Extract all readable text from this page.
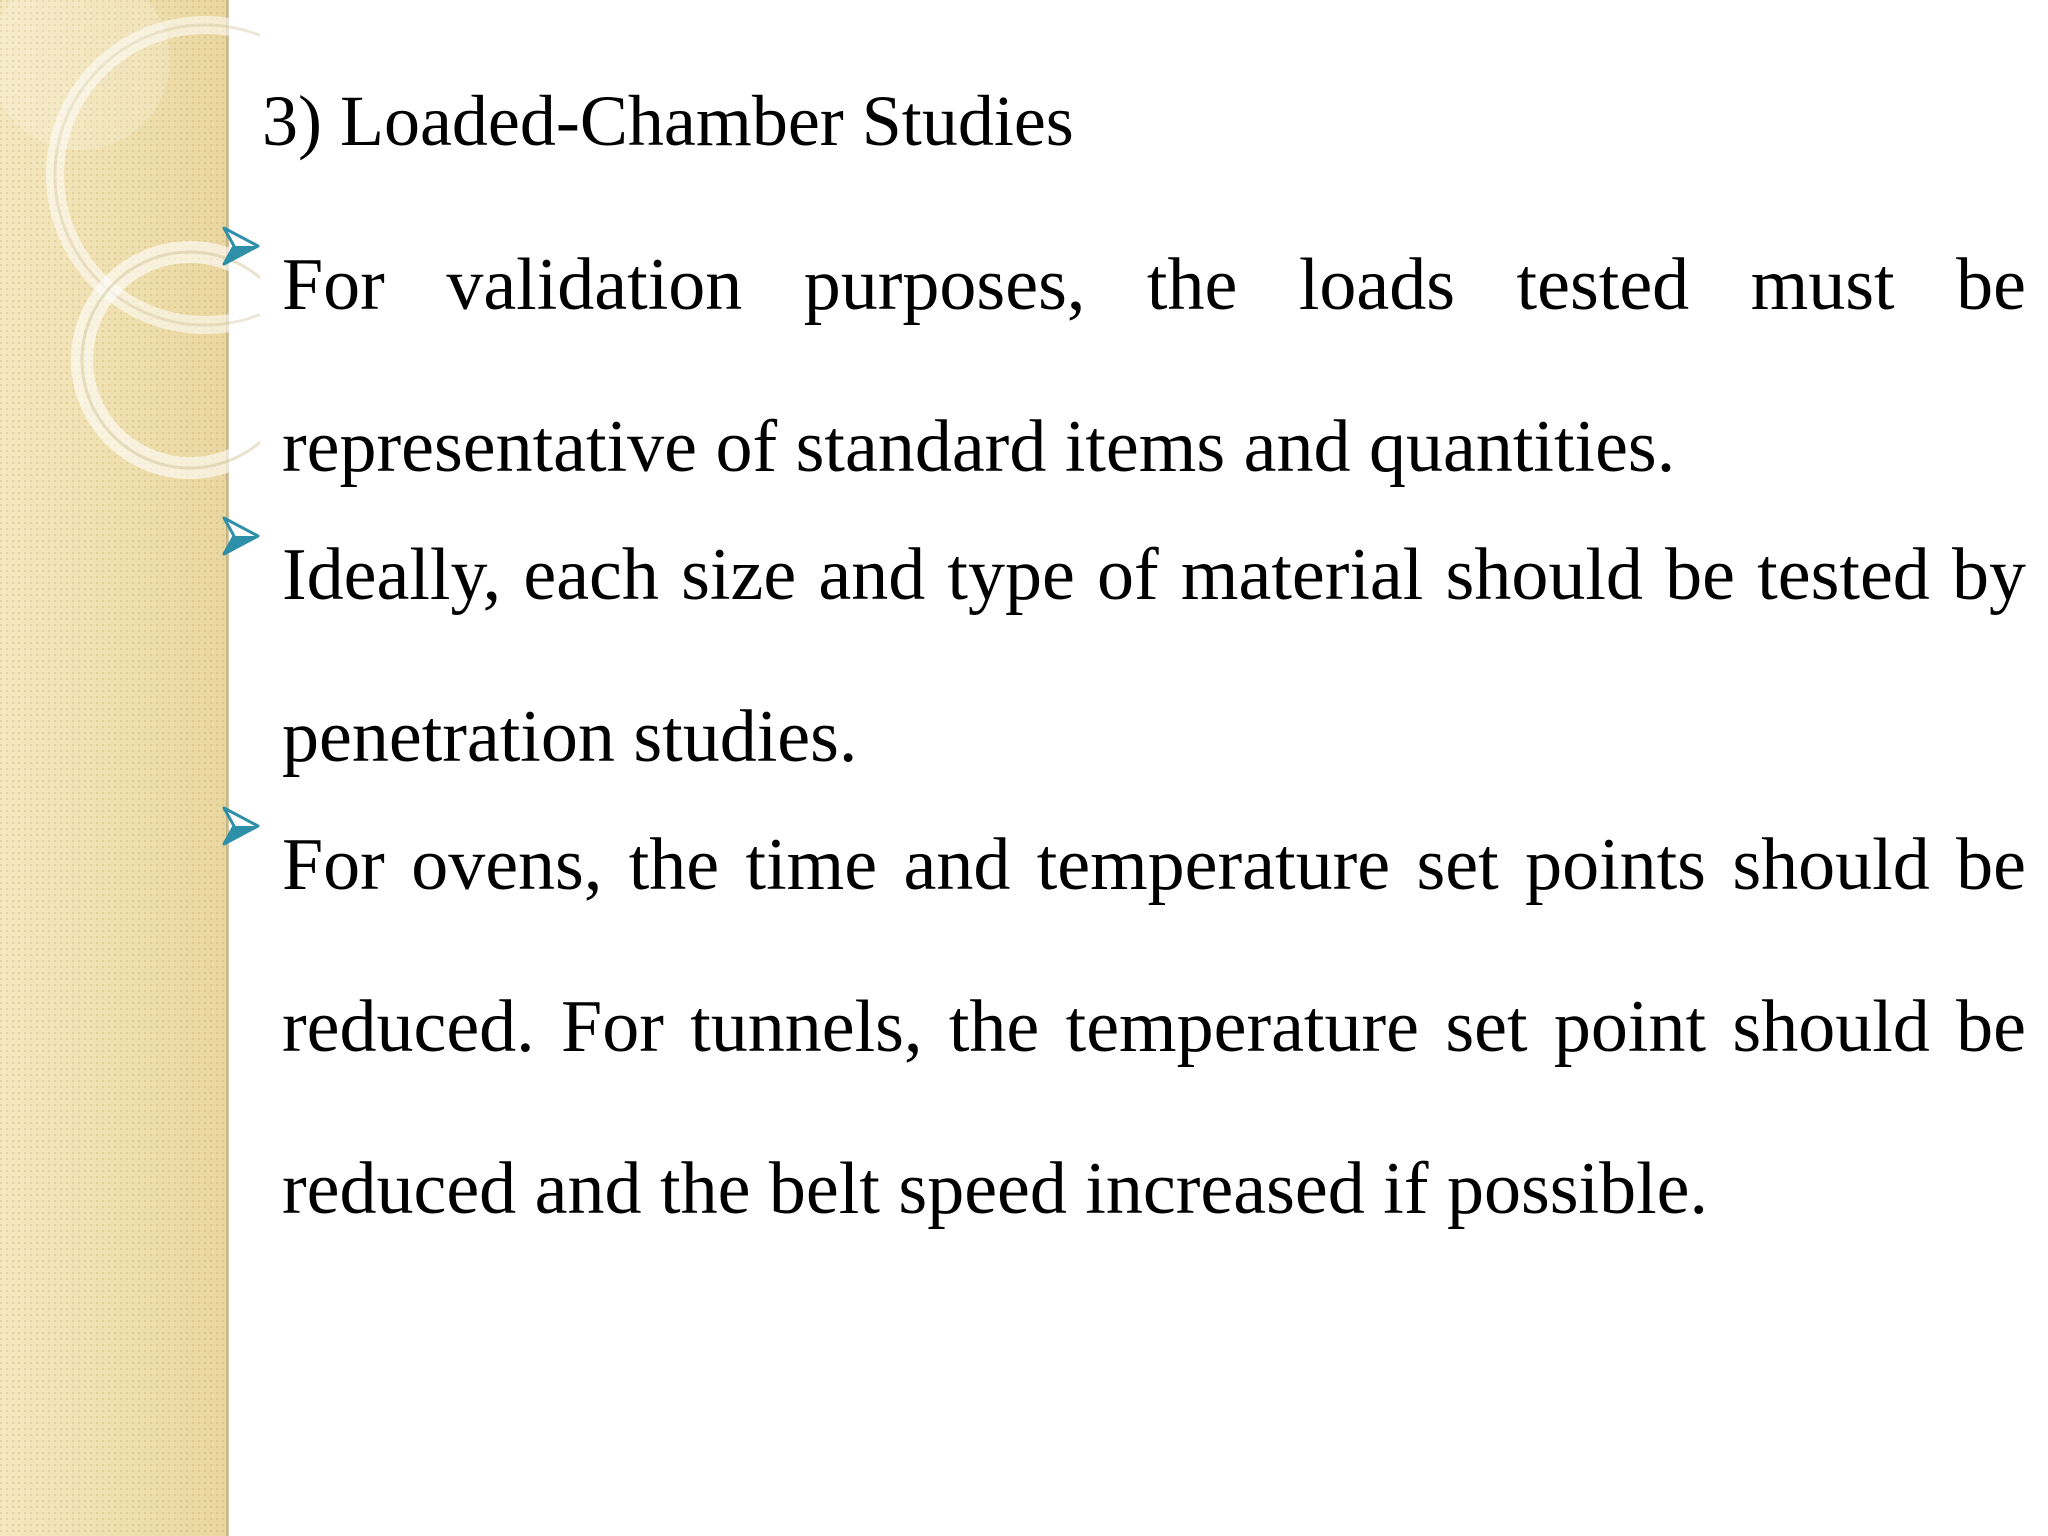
3) Loaded-Chamber Studies
For validation purposes, the loads tested must be representative of standard items and quantities.
Ideally, each size and type of material should be tested by penetration studies.
For ovens, the time and temperature set points should be reduced. For tunnels, the temperature set point should be reduced and the belt speed increased if possible.
